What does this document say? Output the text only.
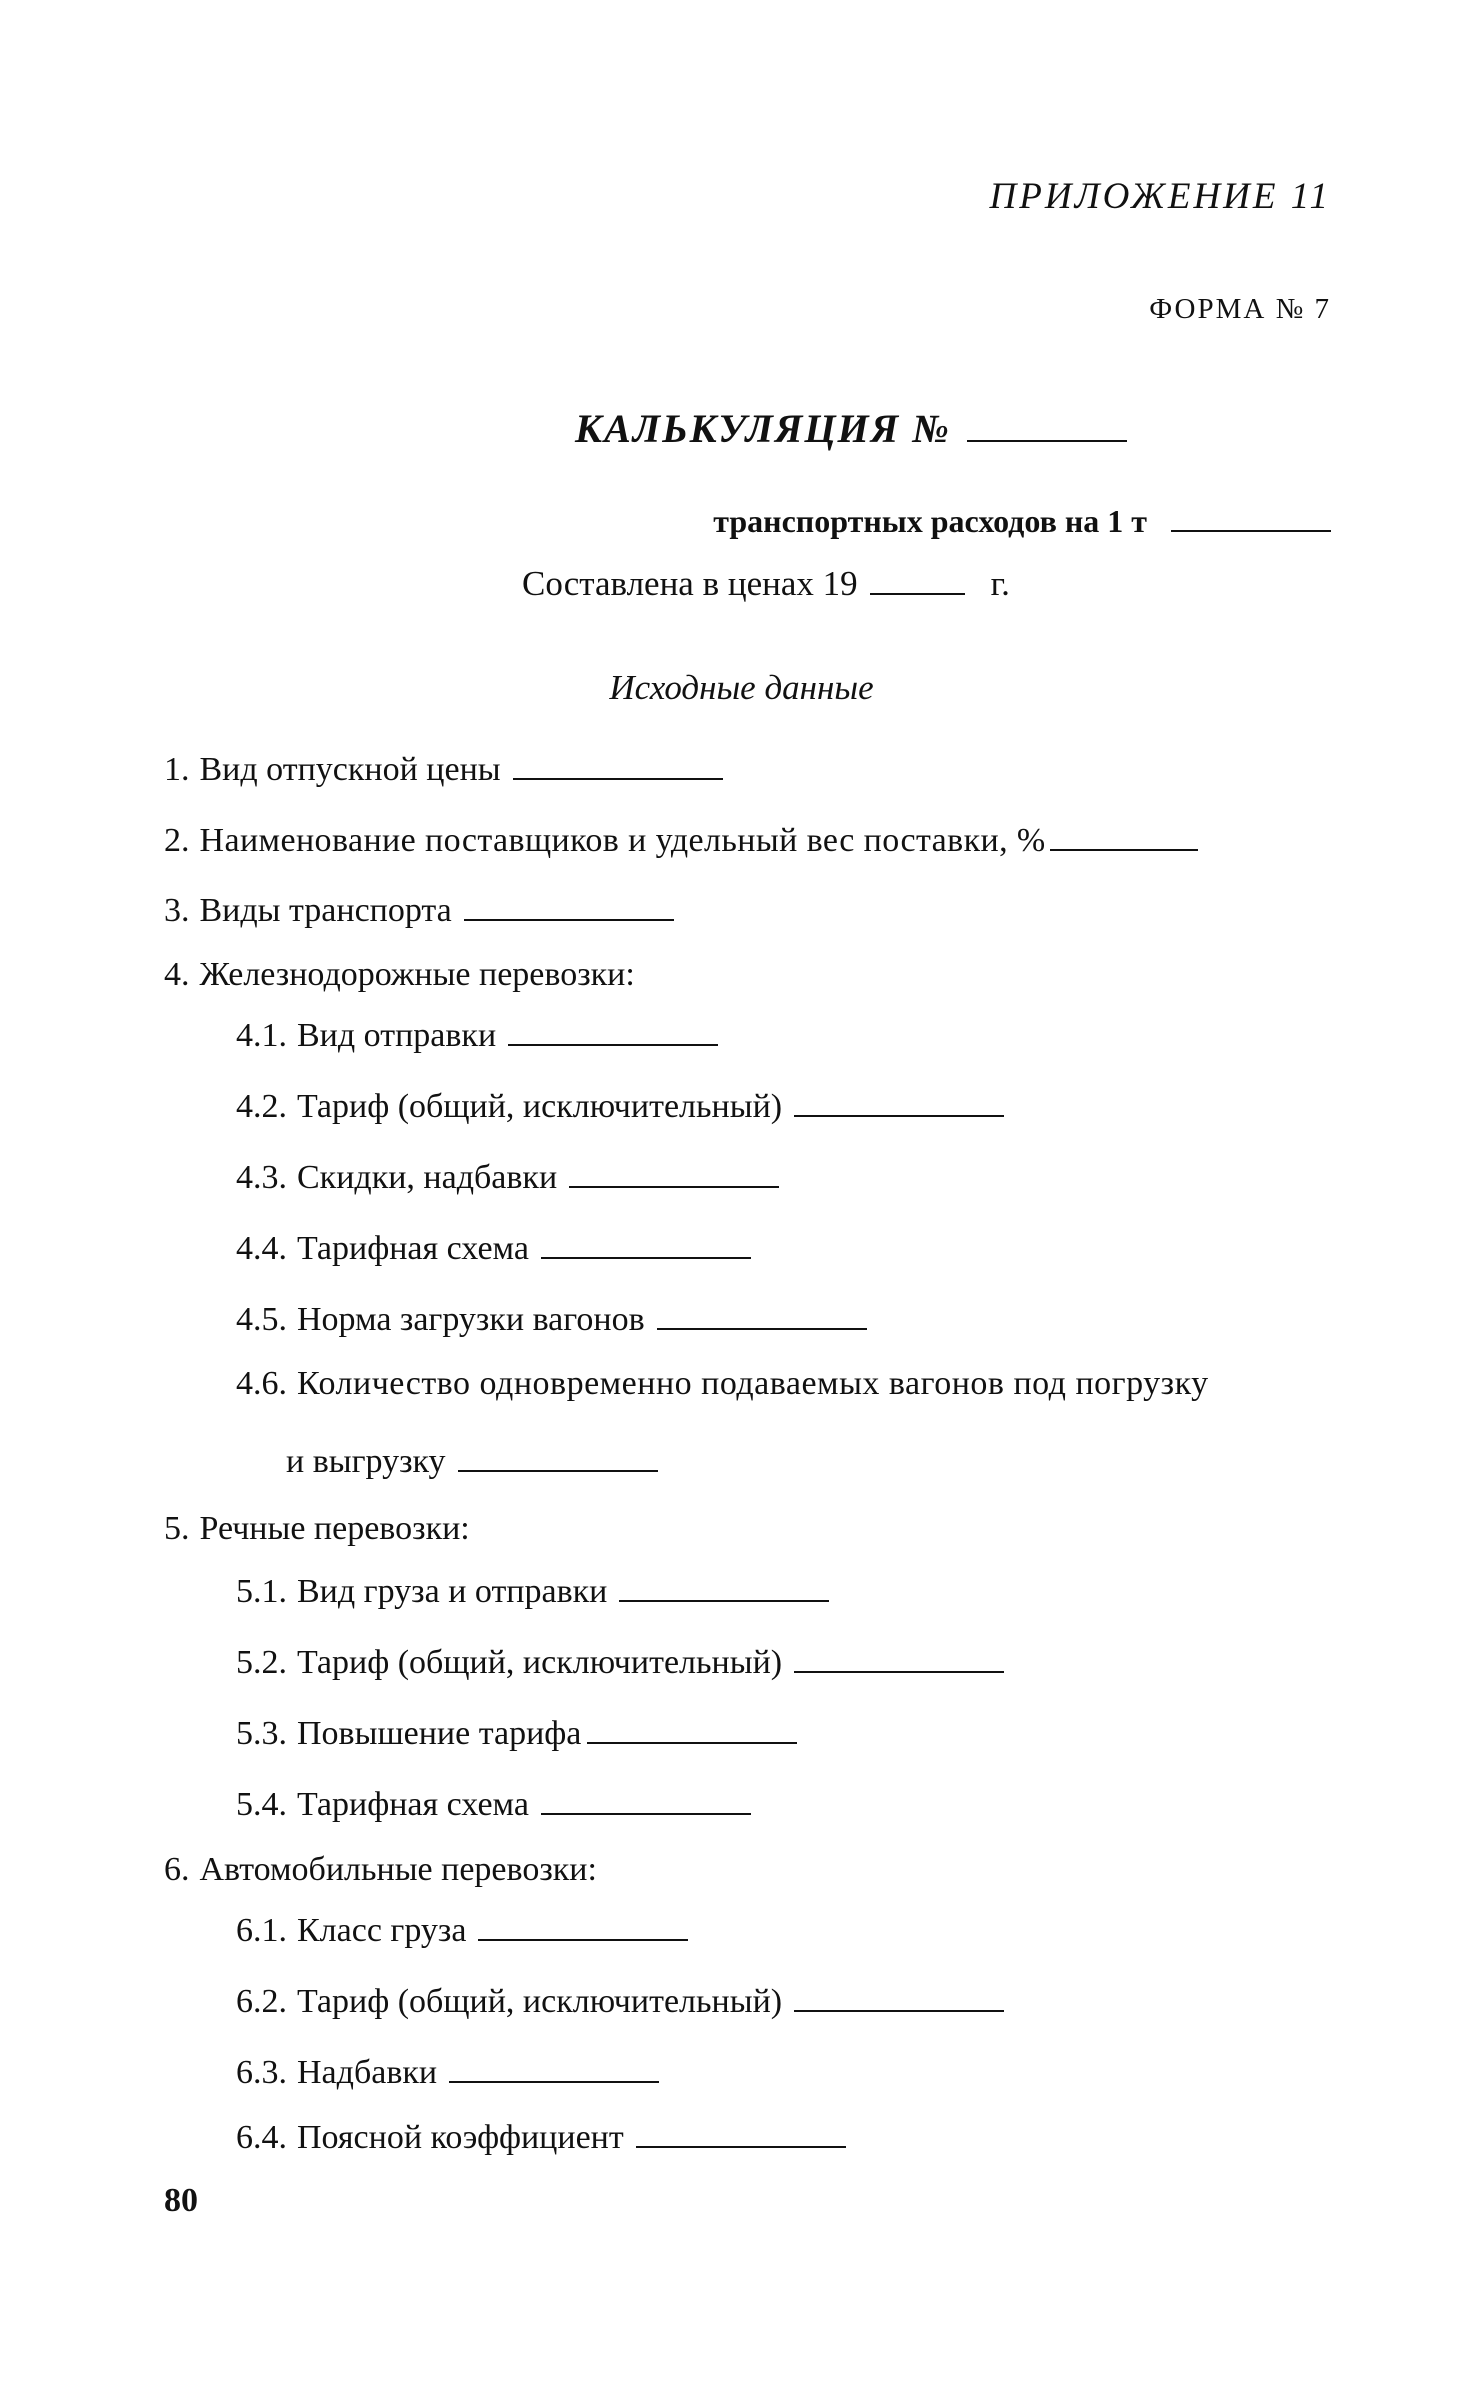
ПРИЛОЖЕНИЕ 11
ФОРМА № 7
КАЛЬКУЛЯЦИЯ №
транспортных расходов на 1 т
Составлена в ценах 19	г.
Исходные данные
1. Вид отпускной цены
2. Наименование поставщиков и удельный вес поставки, %
3. Виды транспорта
4. Железнодорожные перевозки:
4.1. Вид отправки
4.2. Тариф (общий, исключительный)
4.3. Скидки, надбавки
4.4. Тарифная схема
4.5. Норма загрузки вагонов
4.6. Количество одновременно подаваемых вагонов под погрузку
и выгрузку
5. Речные перевозки:
5.1. Вид груза и отправки
5.2. Тариф (общий, исключительный)
5.3. Повышение тарифа
5.4. Тарифная схема
6. Автомобильные перевозки:
6.1. Класс груза
6.2. Тариф (общий, исключительный)
6.3. Надбавки
6.4. Поясной коэффициент
80
